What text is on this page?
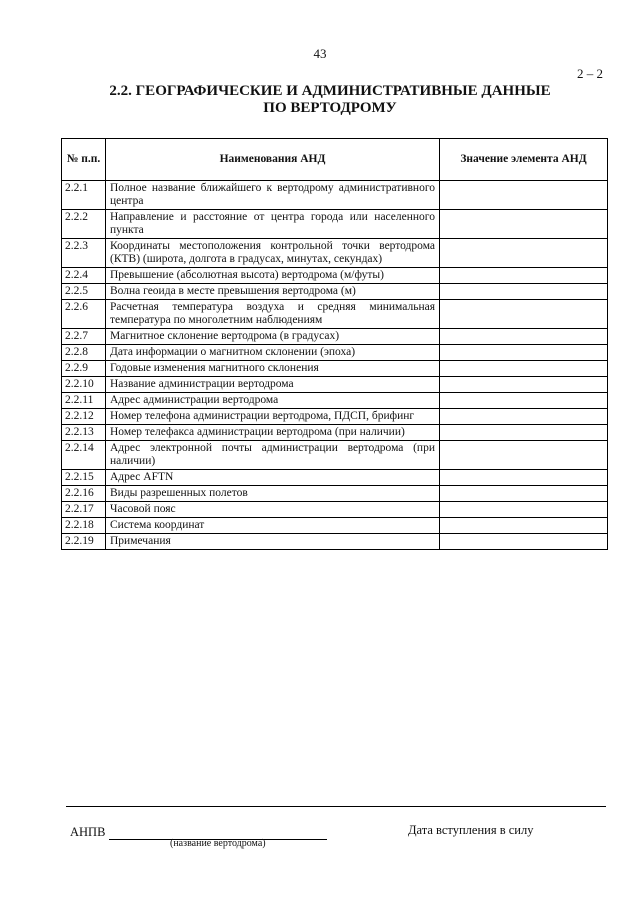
43
2 – 2
2.2. ГЕОГРАФИЧЕСКИЕ И АДМИНИСТРАТИВНЫЕ ДАННЫЕ
ПО ВЕРТОДРОМУ
№ п.п.	Наименования АНД	Значение элемента АНД
2.2.1	Полное название ближайшего к вертодрому административного центра	
2.2.2	Направление и расстояние от центра города или населенного пункта	
2.2.3	Координаты местоположения контрольной точки вертодрома (КТВ) (широта, долгота в градусах, минутах, секундах)	
2.2.4	Превышение (абсолютная высота) вертодрома (м/футы)	
2.2.5	Волна геоида в месте превышения вертодрома (м)	
2.2.6	Расчетная температура воздуха и средняя минимальная температура по многолетним наблюдениям	
2.2.7	Магнитное склонение вертодрома (в градусах)	
2.2.8	Дата информации о магнитном склонении (эпоха)	
2.2.9	Годовые изменения магнитного склонения	
2.2.10	Название администрации вертодрома	
2.2.11	Адрес администрации вертодрома	
2.2.12	Номер телефона администрации вертодрома, ПДСП, брифинг	
2.2.13	Номер телефакса администрации вертодрома (при наличии)	
2.2.14	Адрес электронной почты администрации вертодрома (при наличии)	
2.2.15	Адрес AFTN	
2.2.16	Виды разрешенных полетов	
2.2.17	Часовой пояс	
2.2.18	Система координат	
2.2.19	Примечания	
АНПВ
(название вертодрома)
Дата вступления в силу
